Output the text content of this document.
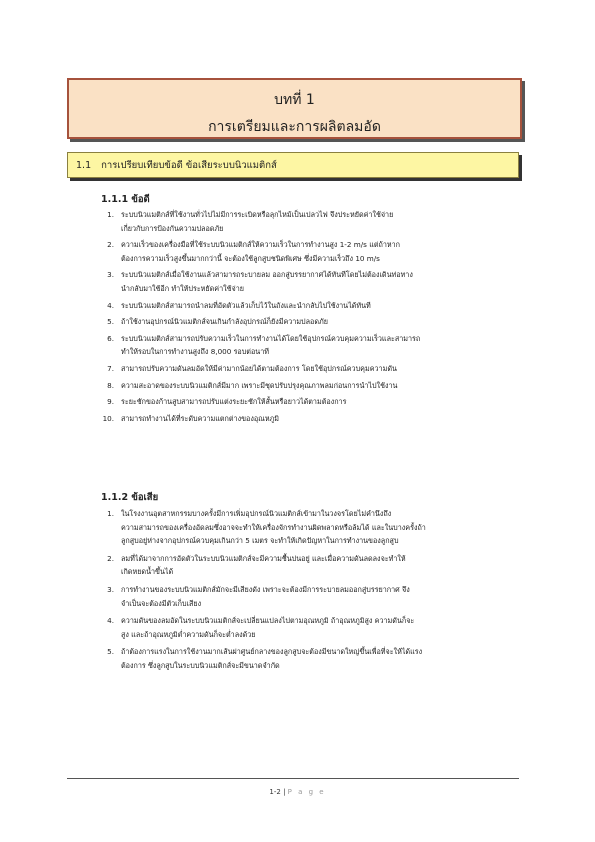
บทที่ 1
การเตรียมและการผลิตลมอัด
1.1 การเปรียบเทียบข้อดี ข้อเสียระบบนิวแมติกส์
1.1.1 ข้อดี
1. ระบบนิวแมติกส์ที่ใช้งานทั่วไปไม่มีการระเบิดหรือลุกไหม้เป็นเปลวไฟ จึงประหยัดค่าใช้จ่าย
เกี่ยวกับการป้องกันความปลอดภัย
2. ความเร็วของเครื่องมือที่ใช้ระบบนิวแมติกส์ให้ความเร็วในการทำงานสูง 1-2 m/s แต่ถ้าหาก
ต้องการความเร็วสูงขึ้นมากกว่านี้ จะต้องใช้ลูกสูบชนิดพิเศษ ซึ่งมีความเร็วถึง 10 m/s
3. ระบบนิวแมติกส์เมื่อใช้งานแล้วสามารถระบายลม ออกสู่บรรยากาศได้ทันทีโดยไม่ต้องเดินท่อทาง
นำกลับมาใช้อีก ทำให้ประหยัดค่าใช้จ่าย
4. ระบบนิวแมติกส์สามารถนำลมที่อัดตัวแล้วเก็บไว้ในถังและนำกลับไปใช้งานได้ทันที
5. ถ้าใช้งานอุปกรณ์นิวแมติกส์จนเกินกำลังอุปกรณ์ก็ยังมีความปลอดภัย
6. ระบบนิวแมติกส์สามารถปรับความเร็วในการทำงานได้โดยใช้อุปกรณ์ควบคุมความเร็วและสามารถ
ทำให้รอบในการทำงานสูงถึง 8,000 รอบต่อนาที
7. สามารถปรับความดันลมอัดให้มีค่ามากน้อยได้ตามต้องการ โดยใช้อุปกรณ์ควบคุมความดัน
8. ความสะอาดของระบบนิวแมติกส์มีมาก เพราะมีชุดปรับปรุงคุณภาพลมก่อนการนำไปใช้งาน
9. ระยะชักของก้านสูบสามารถปรับแต่งระยะชักให้สั้นหรือยาวได้ตามต้องการ
10. สามารถทำงานได้ที่ระดับความแตกต่างของอุณหภูมิ
1.1.2 ข้อเสีย
1. ในโรงงานอุตสาหกรรมบางครั้งมีการเพิ่มอุปกรณ์นิวแมติกส์เข้ามาในวงจรโดยไม่คำนึงถึง
ความสามารถของเครื่องอัดลมซึ่งอาจจะทำให้เครื่องจักรทำงานผิดพลาดหรือล้มได้ และในบางครั้งถ้า
ลูกสูบอยู่ห่างจากอุปกรณ์ควบคุมเกินกว่า 5 เมตร จะทำให้เกิดปัญหาในการทำงานของลูกสูบ
2. ลมที่ได้มาจากการอัดตัวในระบบนิวแมติกส์จะมีความชื้นปนอยู่ และเมื่อความดันลดลงจะทำให้
เกิดหยดน้ำขึ้นได้
3. การทำงานของระบบนิวแมติกส์มักจะมีเสียงดัง เพราะจะต้องมีการระบายลมออกสู่บรรยากาศ จึง
จำเป็นจะต้องมีตัวเก็บเสียง
4. ความดันของลมอัดในระบบนิวแมติกส์จะเปลี่ยนแปลงไปตามอุณหภูมิ ถ้าอุณหภูมิสูง ความดันก็จะ
สูง และถ้าอุณหภูมิต่ำความดันก็จะต่ำลงด้วย
5. ถ้าต้องการแรงในการใช้งานมากเส้นผ่าศูนย์กลางของลูกสูบจะต้องมีขนาดใหญ่ขึ้นเพื่อที่จะให้ได้แรง
ต้องการ ซึ่งลูกสูบในระบบนิวแมติกส์จะมีขนาดจำกัด
1-2 | P a g e
